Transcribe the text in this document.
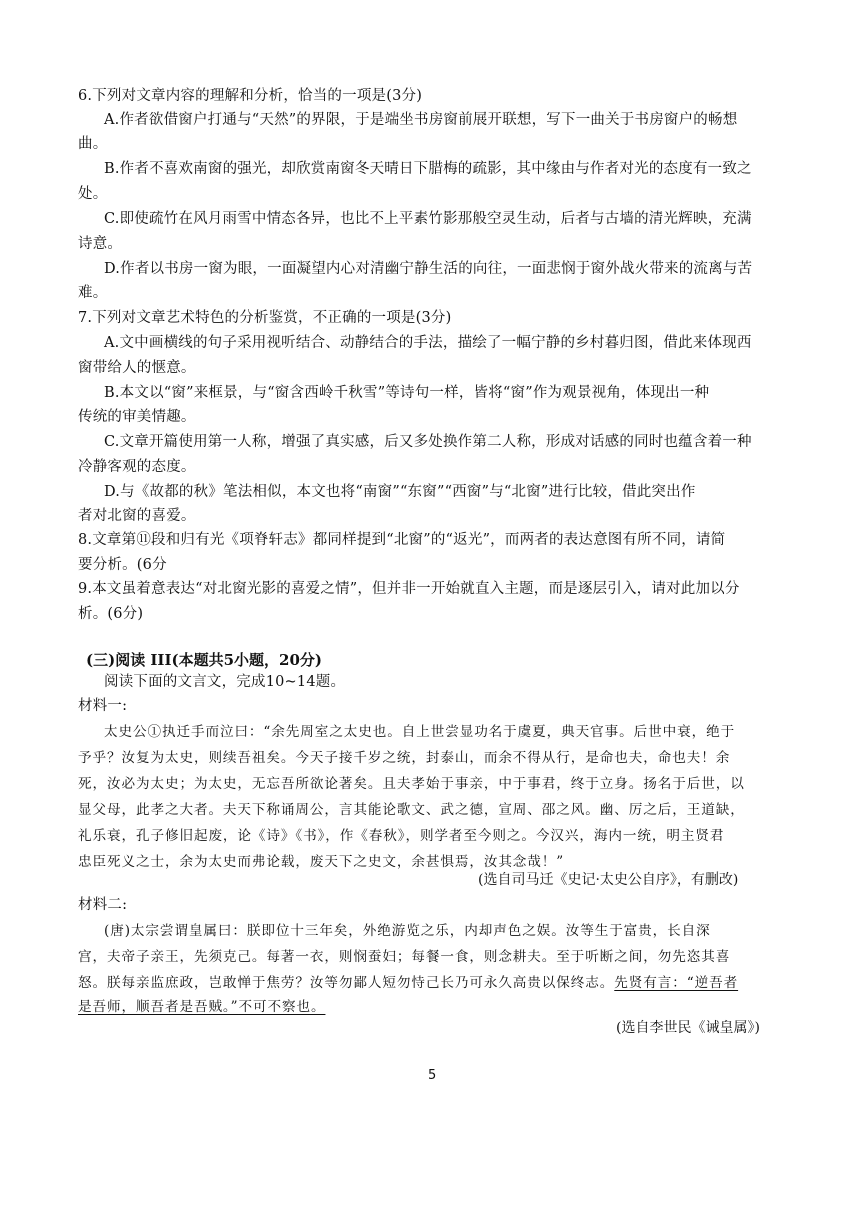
6.下列对文章内容的理解和分析，恰当的一项是(3分)
A.作者欲借窗户打通与“天然”的界限，于是端坐书房窗前展开联想，写下一曲关于书房窗户的畅想
曲。
B.作者不喜欢南窗的强光，却欣赏南窗冬天晴日下腊梅的疏影，其中缘由与作者对光的态度有一致之
处。
C.即使疏竹在风月雨雪中情态各异，也比不上平素竹影那般空灵生动，后者与古墙的清光辉映，充满
诗意。
D.作者以书房一窗为眼，一面凝望内心对清幽宁静生活的向往，一面悲悯于窗外战火带来的流离与苦
难。
7.下列对文章艺术特色的分析鉴赏，不正确的一项是(3分)
A.文中画横线的句子采用视听结合、动静结合的手法，描绘了一幅宁静的乡村暮归图，借此来体现西
窗带给人的惬意。
B.本文以“窗”来框景，与“窗含西岭千秋雪”等诗句一样，皆将“窗”作为观景视角，体现出一种
传统的审美情趣。
C.文章开篇使用第一人称，增强了真实感，后又多处换作第二人称，形成对话感的同时也蕴含着一种
冷静客观的态度。
D.与《故都的秋》笔法相似，本文也将“南窗”“东窗”“西窗”与“北窗”进行比较，借此突出作
者对北窗的喜爱。
8.文章第⑪段和归有光《项脊轩志》都同样提到“北窗”的“返光”，而两者的表达意图有所不同，请简
要分析。(6分
9.本文虽着意表达“对北窗光影的喜爱之情”，但并非一开始就直入主题，而是逐层引入，请对此加以分
析。(6分)
(三)阅读 III(本题共5小题，20分)
阅读下面的文言文，完成10~14题。
材料一:
太史公①执迁手而泣曰：“余先周室之太史也。自上世尝显功名于虞夏，典天官事。后世中衰，绝于
予乎？汝复为太史，则续吾祖矣。今天子接千岁之统，封泰山，而余不得从行，是命也夫，命也夫！余
死，汝必为太史；为太史，无忘吾所欲论著矣。且夫孝始于事亲，中于事君，终于立身。扬名于后世，以
显父母，此孝之大者。夫天下称诵周公，言其能论歌文、武之德，宣周、邵之风。幽、厉之后，王道缺，
礼乐衰，孔子修旧起废，论《诗》《书》，作《春秋》，则学者至今则之。今汉兴，海内一统，明主贤君
忠臣死义之士，余为太史而弗论载，废天下之史文，余甚惧焉，汝其念哉！”
(选自司马迁《史记·太史公自序》，有删改)
材料二:
(唐)太宗尝谓皇属曰：朕即位十三年矣，外绝游览之乐，内却声色之娱。汝等生于富贵，长自深
宫，夫帝子亲王，先须克己。每著一衣，则悯蚕妇；每餐一食，则念耕夫。至于听断之间，勿先恣其喜
怒。朕每亲监庶政，岂敢惮于焦劳？汝等勿鄙人短勿恃己长乃可永久高贵以保终志。先贤有言：“逆吾者
是吾师，顺吾者是吾贼。”不可不察也。
(选自李世民《诫皇属》)
5
